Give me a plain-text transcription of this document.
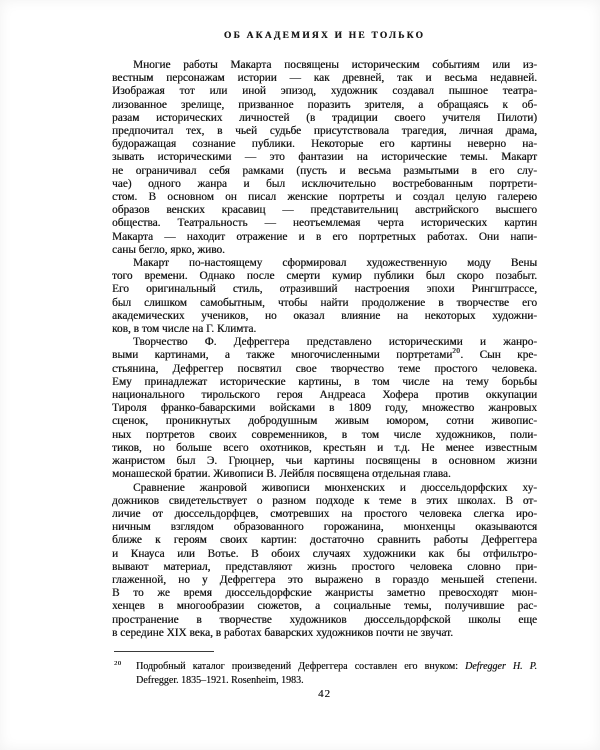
ОБ АКАДЕМИЯХ И НЕ ТОЛЬКО
Многие работы Макарта посвящены историческим событиям или из-
вестным персонажам истории — как древней, так и весьма недавней.
Изображая тот или иной эпизод, художник создавал пышное театра-
лизованное зрелище, призванное поразить зрителя, а обращаясь к об-
разам исторических личностей (в традиции своего учителя Пилоти)
предпочитал тех, в чьей судьбе присутствовала трагедия, личная драма,
будоражащая сознание публики. Некоторые его картины неверно на-
зывать историческими — это фантазии на исторические темы. Макарт
не ограничивал себя рамками (пусть и весьма размытыми в его слу-
чае) одного жанра и был исключительно востребованным портрети-
стом. В основном он писал женские портреты и создал целую галерею
образов венских красавиц — представительниц австрийского высшего
общества. Театральность — неотъемлемая черта исторических картин
Макарта — находит отражение и в его портретных работах. Они напи-
саны бегло, ярко, живо.
Макарт по-настоящему сформировал художественную моду Вены
того времени. Однако после смерти кумир публики был скоро позабыт.
Его оригинальный стиль, отразивший настроения эпохи Рингштрассе,
был слишком самобытным, чтобы найти продолжение в творчестве его
академических учеников, но оказал влияние на некоторых художни-
ков, в том числе на Г. Климта.
Творчество Ф. Дефреггера представлено историческими и жанро-
выми картинами, а также многочисленными портретами$^{20}$. Сын кре-
стьянина, Дефреггер посвятил свое творчество теме простого человека.
Ему принадлежат исторические картины, в том числе на тему борьбы
национального тирольского героя Андреаса Хофера против оккупации
Тироля франко-баварскими войсками в 1809 году, множество жанровых
сценок, проникнутых добродушным живым юмором, сотни живопис-
ных портретов своих современников, в том числе художников, поли-
тиков, но больше всего охотников, крестьян и т.д. Не менее известным
жанристом был Э. Грюцнер, чьи картины посвящены в основном жизни
монашеской братии. Живописи В. Лейбля посвящена отдельная глава.
Сравнение жанровой живописи мюнхенских и дюссельдорфских ху-
дожников свидетельствует о разном подходе к теме в этих школах. В от-
личие от дюссельдорфцев, смотревших на простого человека слегка иро-
ничным взглядом образованного горожанина, мюнхенцы оказываются
ближе к героям своих картин: достаточно сравнить работы Дефреггера
и Кнауса или Вотье. В обоих случаях художники как бы отфильтро-
вывают материал, представляют жизнь простого человека словно при-
глаженной, но у Дефреггера это выражено в гораздо меньшей степени.
В то же время дюссельдорфские жанристы заметно превосходят мюн-
хенцев в многообразии сюжетов, а социальные темы, получившие рас-
пространение в творчестве художников дюссельдорфской школы еще
в середине XIX века, в работах баварских художников почти не звучат.
20 Подробный каталог произведений Дефреггера составлен его внуком: Defregger H. P.
Defregger. 1835–1921. Rosenheim, 1983.
42
